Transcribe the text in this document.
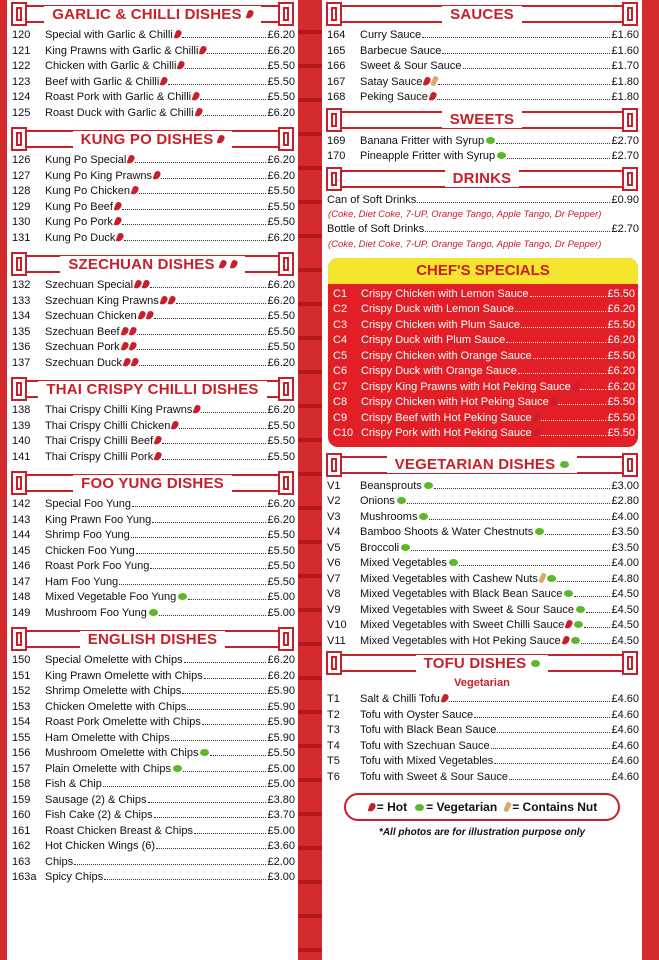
GARLIC & CHILLI DISHES
120	Special with Garlic & Chilli	£6.20
121	King Prawns with Garlic & Chilli	£6.20
122	Chicken with Garlic & Chilli	£5.50
123	Beef with Garlic & Chilli	£5.50
124	Roast Pork with Garlic & Chilli	£5.50
125	Roast Duck with Garlic & Chilli	£6.20
KUNG PO DISHES
126	Kung Po Special	£6.20
127	Kung Po King Prawns	£6.20
128	Kung Po Chicken	£5.50
129	Kung Po Beef	£5.50
130	Kung Po Pork	£5.50
131	Kung Po Duck	£6.20
SZECHUAN DISHES
132	Szechuan Special	£6.20
133	Szechuan King Prawns	£6.20
134	Szechuan Chicken	£5.50
135	Szechuan Beef	£5.50
136	Szechuan Pork	£5.50
137	Szechuan Duck	£6.20
THAI CRISPY CHILLI DISHES
138	Thai Crispy Chilli King Prawns	£6.20
139	Thai Crispy Chilli Chicken	£5.50
140	Thai Crispy Chilli Beef	£5.50
141	Thai Crispy Chilli Pork	£5.50
FOO YUNG DISHES
142	Special Foo Yung	£6.20
143	King Prawn Foo Yung	£6.20
144	Shrimp Foo Yung	£5.50
145	Chicken Foo Yung	£5.50
146	Roast Pork Foo Yung	£5.50
147	Ham Foo Yung	£5.50
148	Mixed Vegetable Foo Yung	£5.00
149	Mushroom Foo Yung	£5.00
ENGLISH DISHES
150	Special Omelette with Chips	£6.20
151	King Prawn Omelette with Chips	£6.20
152	Shrimp Omelette with Chips	£5.90
153	Chicken Omelette with Chips	£5.90
154	Roast Pork Omelette with Chips	£5.90
155	Ham Omelette with Chips	£5.90
156	Mushroom Omelette with Chips	£5.50
157	Plain Omelette with Chips	£5.00
158	Fish & Chip	£5.00
159	Sausage (2) & Chips	£3.80
160	Fish Cake (2) & Chips	£3.70
161	Roast Chicken Breast & Chips	£5.00
162	Hot Chicken Wings (6)	£3.60
163	Chips	£2.00
163a Spicy Chips	£3.00
SAUCES
164	Curry Sauce	£1.60
165	Barbecue Sauce	£1.60
166	Sweet & Sour Sauce	£1.70
167	Satay Sauce	£1.80
168	Peking Sauce	£1.80
SWEETS
169	Banana Fritter with Syrup	£2.70
170	Pineapple Fritter with Syrup	£2.70
DRINKS
Can of Soft Drinks	£0.90
(Coke, Diet Coke, 7-UP, Orange Tango, Apple Tango, Dr Pepper)
Bottle of Soft Drinks	£2.70
(Coke, Diet Coke, 7-UP, Orange Tango, Apple Tango, Dr Pepper)
CHEF'S SPECIALS
C1	Crispy Chicken with Lemon Sauce	£5.50
C2	Crispy Duck with Lemon Sauce	£6.20
C3	Crispy Chicken with Plum Sauce	£5.50
C4	Crispy Duck with Plum Sauce	£6.20
C5	Crispy Chicken with Orange Sauce	£5.50
C6	Crispy Duck with Orange Sauce	£6.20
C7	Crispy King Prawns with Hot Peking Sauce	£6.20
C8	Crispy Chicken with Hot Peking Sauce	£5.50
C9	Crispy Beef with Hot Peking Sauce	£5.50
C10 Crispy Pork with Hot Peking Sauce	£5.50
VEGETARIAN DISHES
V1	Beansprouts	£3.00
V2	Onions	£2.80
V3	Mushrooms	£4.00
V4	Bamboo Shoots & Water Chestnuts	£3.50
V5	Broccoli	£3.50
V6	Mixed Vegetables	£4.00
V7	Mixed Vegetables with Cashew Nuts	£4.80
V8	Mixed Vegetables with Black Bean Sauce	£4.50
V9	Mixed Vegetables with Sweet & Sour Sauce	£4.50
V10	Mixed Vegetables with Sweet Chilli Sauce	£4.50
V11	Mixed Vegetables with Hot Peking Sauce	£4.50
TOFU DISHES
Vegetarian
T1	Salt & Chilli Tofu	£4.60
T2	Tofu with Oyster Sauce	£4.60
T3	Tofu with Black Bean Sauce	£4.60
T4	Tofu with Szechuan Sauce	£4.60
T5	Tofu with Mixed Vegetables	£4.60
T6	Tofu with Sweet & Sour Sauce	£4.60
= Hot = Vegetarian = Contains Nut
*All photos are for illustration purpose only
